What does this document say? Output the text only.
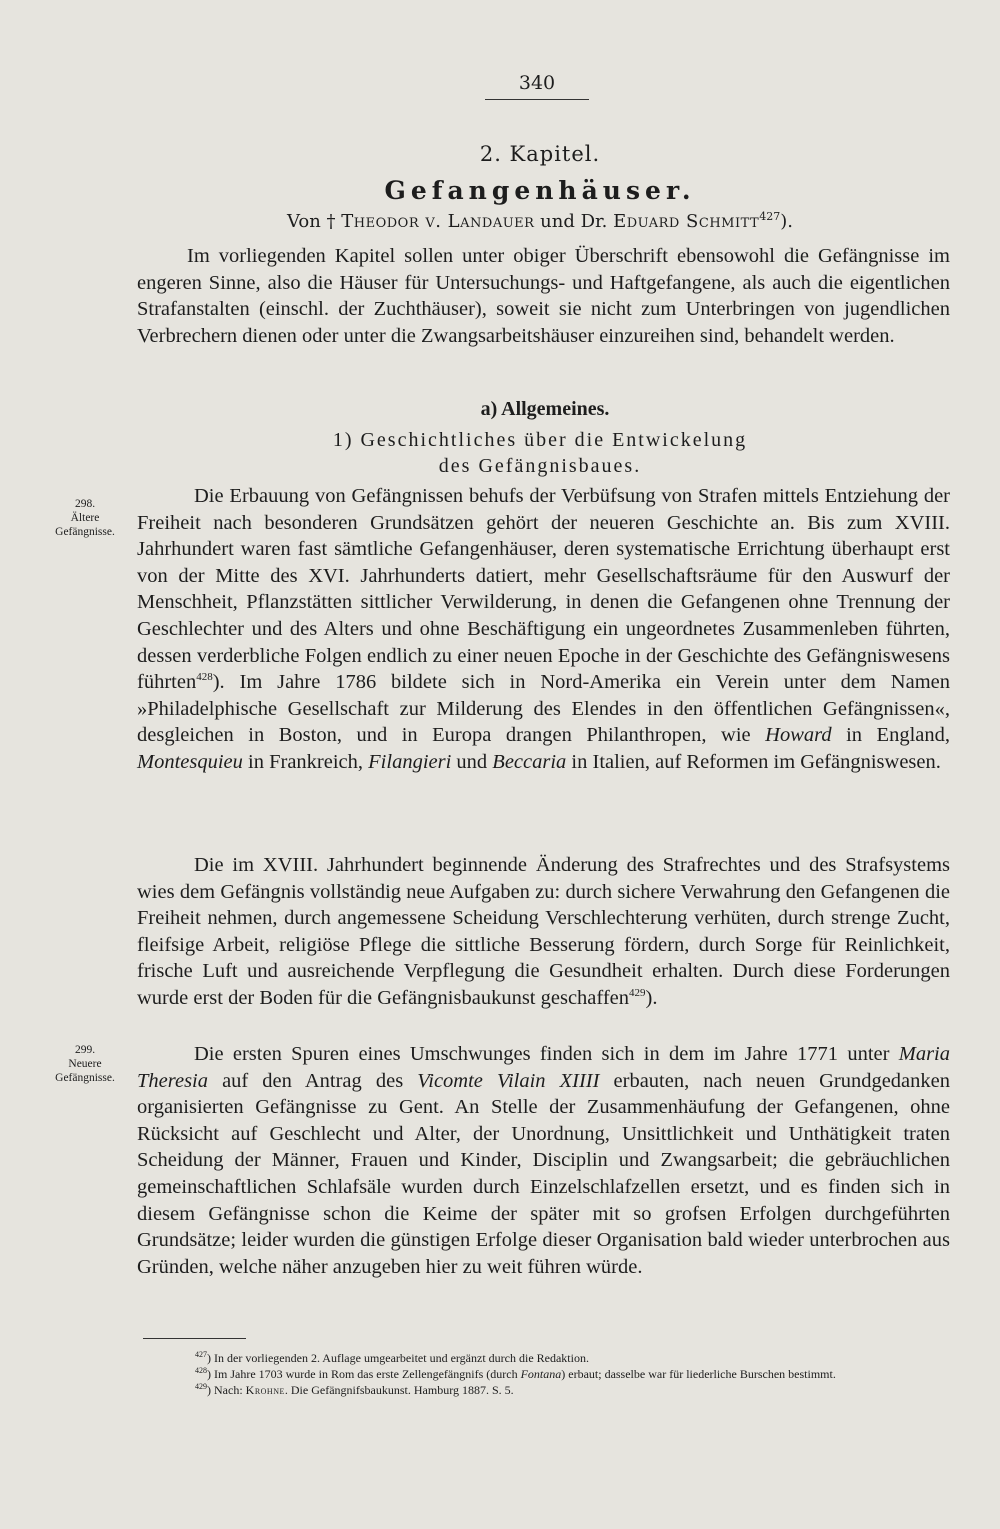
340
2. Kapitel.
Gefangenhäuser.
Von † Theodor v. Landauer und Dr. Eduard Schmitt$^{427}$).

Im vorliegenden Kapitel sollen unter obiger Überschrift ebensowohl die Gefängnisse im engeren Sinne, also die Häuser für Untersuchungs- und Haftgefangene, als auch die eigentlichen Strafanstalten (einschl. der Zuchthäuser), soweit sie nicht zum Unterbringen von jugendlichen Verbrechern dienen oder unter die Zwangsarbeitshäuser einzureihen sind, behandelt werden.

a) Allgemeines.
1) Geschichtliches über die Entwickelung
des Gefängnisbaues.
298.
Ältere
Gefängnisse.

Die Erbauung von Gefängnissen behufs der Verbüfsung von Strafen mittels Entziehung der Freiheit nach besonderen Grundsätzen gehört der neueren Geschichte an. Bis zum XVIII. Jahrhundert waren fast sämtliche Gefangenhäuser, deren systematische Errichtung überhaupt erst von der Mitte des XVI. Jahrhunderts datiert, mehr Gesellschaftsräume für den Auswurf der Menschheit, Pflanzstätten sittlicher Verwilderung, in denen die Gefangenen ohne Trennung der Geschlechter und des Alters und ohne Beschäftigung ein ungeordnetes Zusammenleben führten, dessen verderbliche Folgen endlich zu einer neuen Epoche in der Geschichte des Gefängniswesens führten$^{428}$). Im Jahre 1786 bildete sich in Nord-Amerika ein Verein unter dem Namen »Philadelphische Gesellschaft zur Milderung des Elendes in den öffentlichen Gefängnissen«, desgleichen in Boston, und in Europa drangen Philanthropen, wie Howard in England, Montesquieu in Frankreich, Filangieri und Beccaria in Italien, auf Reformen im Gefängniswesen.

Die im XVIII. Jahrhundert beginnende Änderung des Strafrechtes und des Strafsystems wies dem Gefängnis vollständig neue Aufgaben zu: durch sichere Verwahrung den Gefangenen die Freiheit nehmen, durch angemessene Scheidung Verschlechterung verhüten, durch strenge Zucht, fleifsige Arbeit, religiöse Pflege die sittliche Besserung fördern, durch Sorge für Reinlichkeit, frische Luft und ausreichende Verpflegung die Gesundheit erhalten. Durch diese Forderungen wurde erst der Boden für die Gefängnisbaukunst geschaffen$^{429}$).

299.
Neuere
Gefängnisse.

Die ersten Spuren eines Umschwunges finden sich in dem im Jahre 1771 unter Maria Theresia auf den Antrag des Vicomte Vilain XIIII erbauten, nach neuen Grundgedanken organisierten Gefängnisse zu Gent. An Stelle der Zusammenhäufung der Gefangenen, ohne Rücksicht auf Geschlecht und Alter, der Unordnung, Unsittlichkeit und Unthätigkeit traten Scheidung der Männer, Frauen und Kinder, Disciplin und Zwangsarbeit; die gebräuchlichen gemeinschaftlichen Schlafsäle wurden durch Einzelschlafzellen ersetzt, und es finden sich in diesem Gefängnisse schon die Keime der später mit so grofsen Erfolgen durchgeführten Grundsätze; leider wurden die günstigen Erfolge dieser Organisation bald wieder unterbrochen aus Gründen, welche näher anzugeben hier zu weit führen würde.

$^{427}$) In der vorliegenden 2. Auflage umgearbeitet und ergänzt durch die Redaktion.

$^{428}$) Im Jahre 1703 wurde in Rom das erste Zellengefängnifs (durch Fontana) erbaut; dasselbe war für liederliche Burschen bestimmt.

$^{429}$) Nach: Krohne. Die Gefängnifsbaukunst. Hamburg 1887. S. 5.
